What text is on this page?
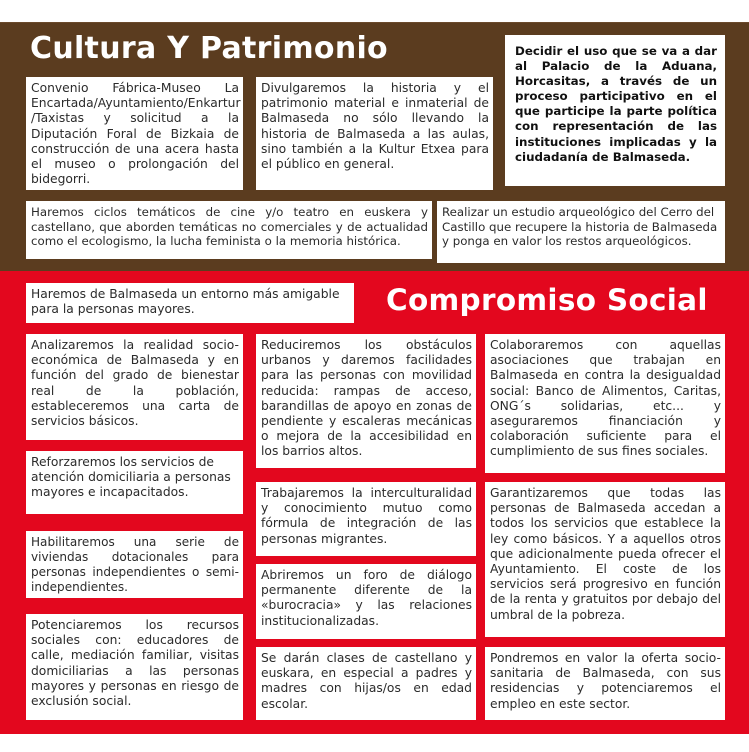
Cultura Y Patrimonio
Convenio Fábrica-Museo La Encartada/Ayuntamiento/Enkartur /Taxistas y solicitud a la Diputación Foral de Bizkaia de construcción de una acera hasta el museo o prolongación del bidegorri.
Divulgaremos la historia y el patrimonio material e inmaterial de Balmaseda no sólo llevando la historia de Balmaseda a las aulas, sino también a la Kultur Etxea para el público en general.
Decidir el uso que se va a dar al Palacio de la Aduana, Horcasitas, a través de un proceso participativo en el que participe la parte política con representación de las instituciones implicadas y la ciudadanía de Balmaseda.
Haremos ciclos temáticos de cine y/o teatro en euskera y castellano, que aborden temáticas no comerciales y de actualidad como el ecologismo, la lucha feminista o la memoria histórica.
Realizar un estudio arqueológico del Cerro del Castillo que recupere la historia de Balmaseda y ponga en valor los restos arqueológicos.
Haremos de Balmaseda un entorno más amigable para la personas mayores.	Compromiso Social
Analizaremos la realidad socio-económica de Balmaseda y en función del grado de bienestar real de la población, estableceremos una carta de servicios básicos.
Reforzaremos los servicios de atención domiciliaria a personas mayores e incapacitados.
Habilitaremos una serie de viviendas dotacionales para personas independientes o semi-independientes.
Potenciaremos los recursos sociales con: educadores de calle, mediación familiar, visitas domiciliarias a las personas mayores y personas en riesgo de exclusión social.
Reduciremos los obstáculos urbanos y daremos facilidades para las personas con movilidad reducida: rampas de acceso, barandillas de apoyo en zonas de pendiente y escaleras mecánicas o mejora de la accesibilidad en los barrios altos.
Trabajaremos la interculturalidad y conocimiento mutuo como fórmula de integración de las personas migrantes.
Abriremos un foro de diálogo permanente diferente de la «burocracia» y las relaciones institucionalizadas.
Se darán clases de castellano y euskara, en especial a padres y madres con hijas/os en edad escolar.
Colaboraremos con aquellas asociaciones que trabajan en Balmaseda en contra la desigualdad social: Banco de Alimentos, Caritas, ONG´s solidarias, etc... y aseguraremos financiación y colaboración suficiente para el cumplimiento de sus fines sociales.
Garantizaremos que todas las personas de Balmaseda accedan a todos los servicios que establece la ley como básicos. Y a aquellos otros que adicionalmente pueda ofrecer el Ayuntamiento. El coste de los servicios será progresivo en función de la renta y gratuitos por debajo del umbral de la pobreza.
Pondremos en valor la oferta socio-sanitaria de Balmaseda, con sus residencias y potenciaremos el empleo en este sector.
